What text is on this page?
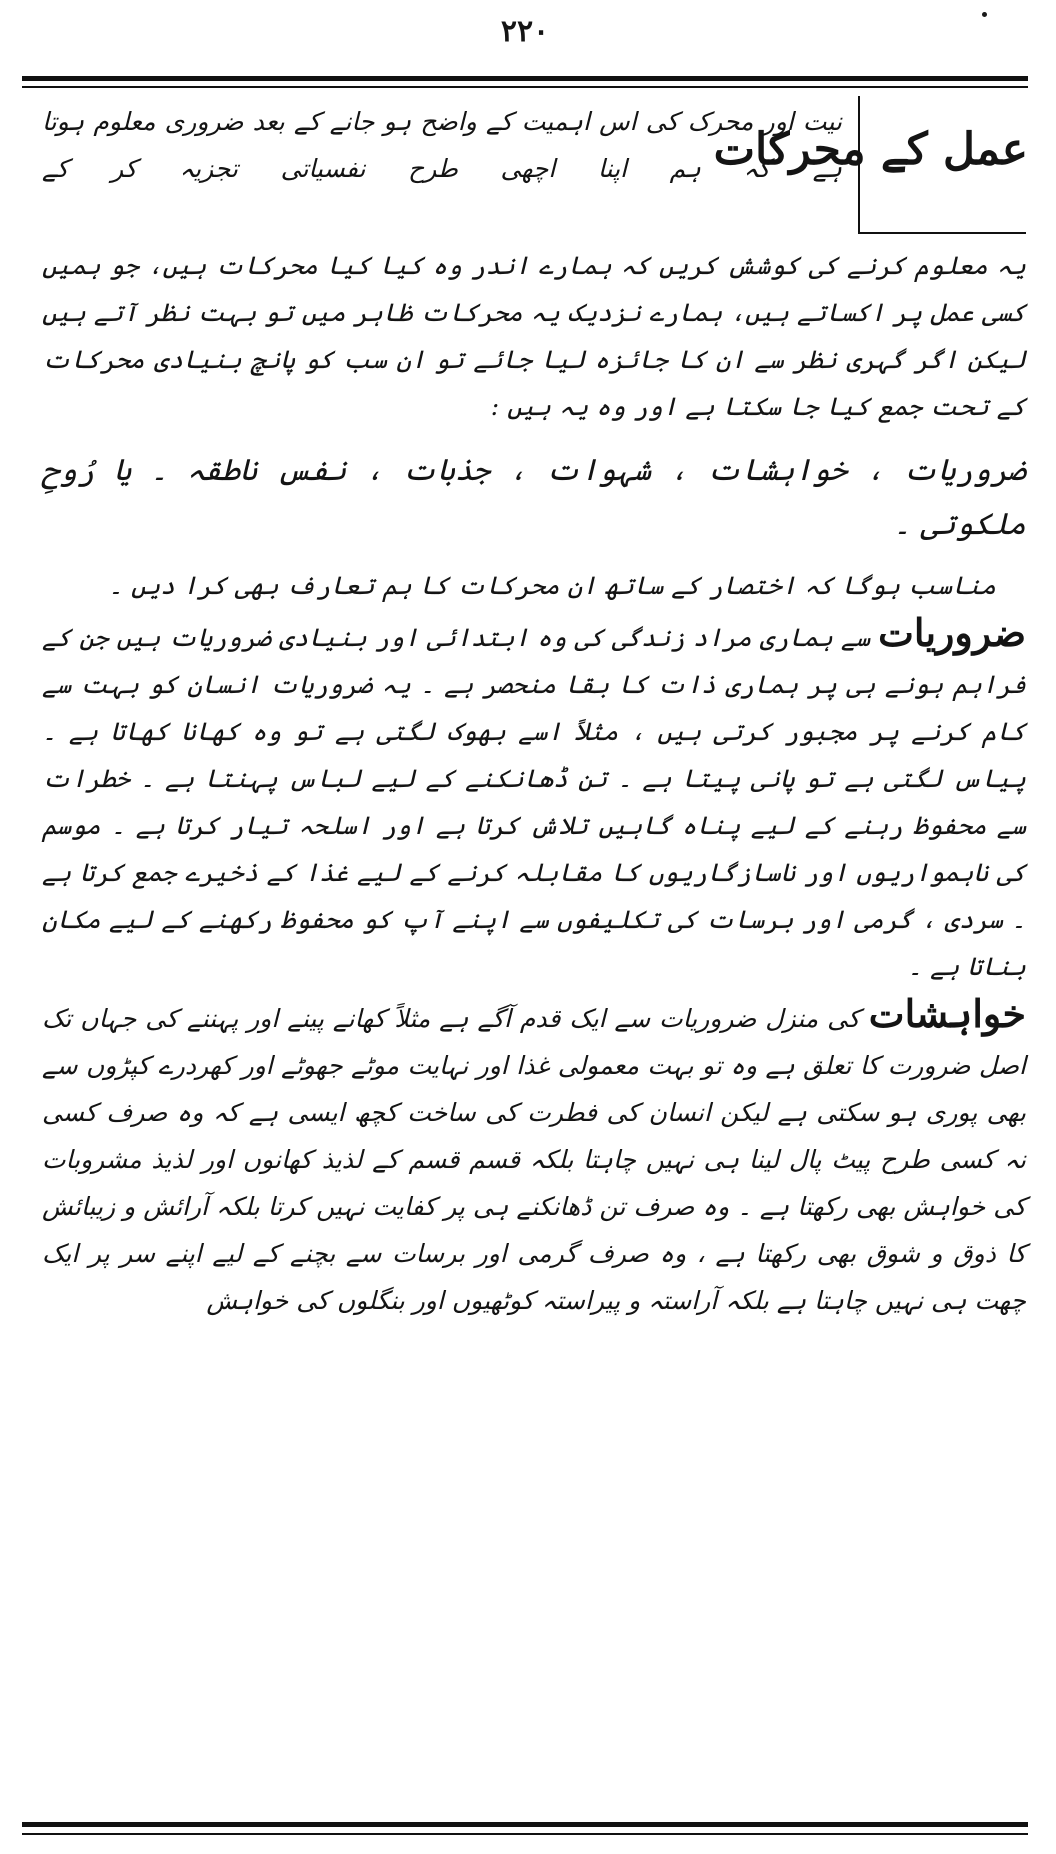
۲۲۰
عمل کے محرکات
نیت اور محرک کی اس اہمیت کے واضح ہو جانے کے بعد ضروری معلوم ہوتا ہے کہ ہم اپنا اچھی طرح نفسیاتی تجزیہ کر کے

یہ معلوم کرنے کی کوشش کریں کہ ہمارے اندر وہ کیا کیا محرکات ہیں، جو ہمیں کسی عمل پر اکساتے ہیں، ہمارے نزدیک یہ محرکات ظاہر میں تو بہت نظر آتے ہیں لیکن اگر گہری نظر سے ان کا جائزہ لیا جائے تو ان سب کو پانچ بنیادی محرکات کے تحت جمع کیا جا سکتا ہے اور وہ یہ ہیں :

ضروریات ، خواہشات ، شہوات ، جذبات ، نفس ناطقہ ۔ یا رُوحِ ملکوتی ۔

مناسب ہوگا کہ اختصار کے ساتھ ان محرکات کا ہم تعارف بھی کرا دیں ۔

ضروریات سے ہماری مراد زندگی کی وہ ابتدائی اور بنیادی ضروریات ہیں جن کے فراہم ہونے ہی پر ہماری ذات کا بقا منحصر ہے ۔ یہ ضروریات انسان کو بہت سے کام کرنے پر مجبور کرتی ہیں ، مثلاً اسے بھوک لگتی ہے تو وہ کھانا کھاتا ہے ۔ پیاس لگتی ہے تو پانی پیتا ہے ۔ تن ڈھانکنے کے لیے لباس پہنتا ہے ۔ خطرات سے محفوظ رہنے کے لیے پناہ گاہیں تلاش کرتا ہے اور اسلحہ تیار کرتا ہے ۔ موسم کی ناہمواریوں اور ناسازگاریوں کا مقابلہ کرنے کے لیے غذا کے ذخیرے جمع کرتا ہے ۔ سردی ، گرمی اور برسات کی تکلیفوں سے اپنے آپ کو محفوظ رکھنے کے لیے مکان بناتا ہے ۔

خواہشات کی منزل ضروریات سے ایک قدم آگے ہے مثلاً کھانے پینے اور پہننے کی جہاں تک اصل ضرورت کا تعلق ہے وہ تو بہت معمولی غذا اور نہایت موٹے جھوٹے اور کھردرے کپڑوں سے بھی پوری ہو سکتی ہے لیکن انسان کی فطرت کی ساخت کچھ ایسی ہے کہ وہ صرف کسی نہ کسی طرح پیٹ پال لینا ہی نہیں چاہتا بلکہ قسم قسم کے لذیذ کھانوں اور لذیذ مشروبات کی خواہش بھی رکھتا ہے ۔ وہ صرف تن ڈھانکنے ہی پر کفایت نہیں کرتا بلکہ آرائش و زیبائش کا ذوق و شوق بھی رکھتا ہے ، وہ صرف گرمی اور برسات سے بچنے کے لیے اپنے سر پر ایک چھت ہی نہیں چاہتا ہے بلکہ آراستہ و پیراستہ کوٹھیوں اور بنگلوں کی خواہش
